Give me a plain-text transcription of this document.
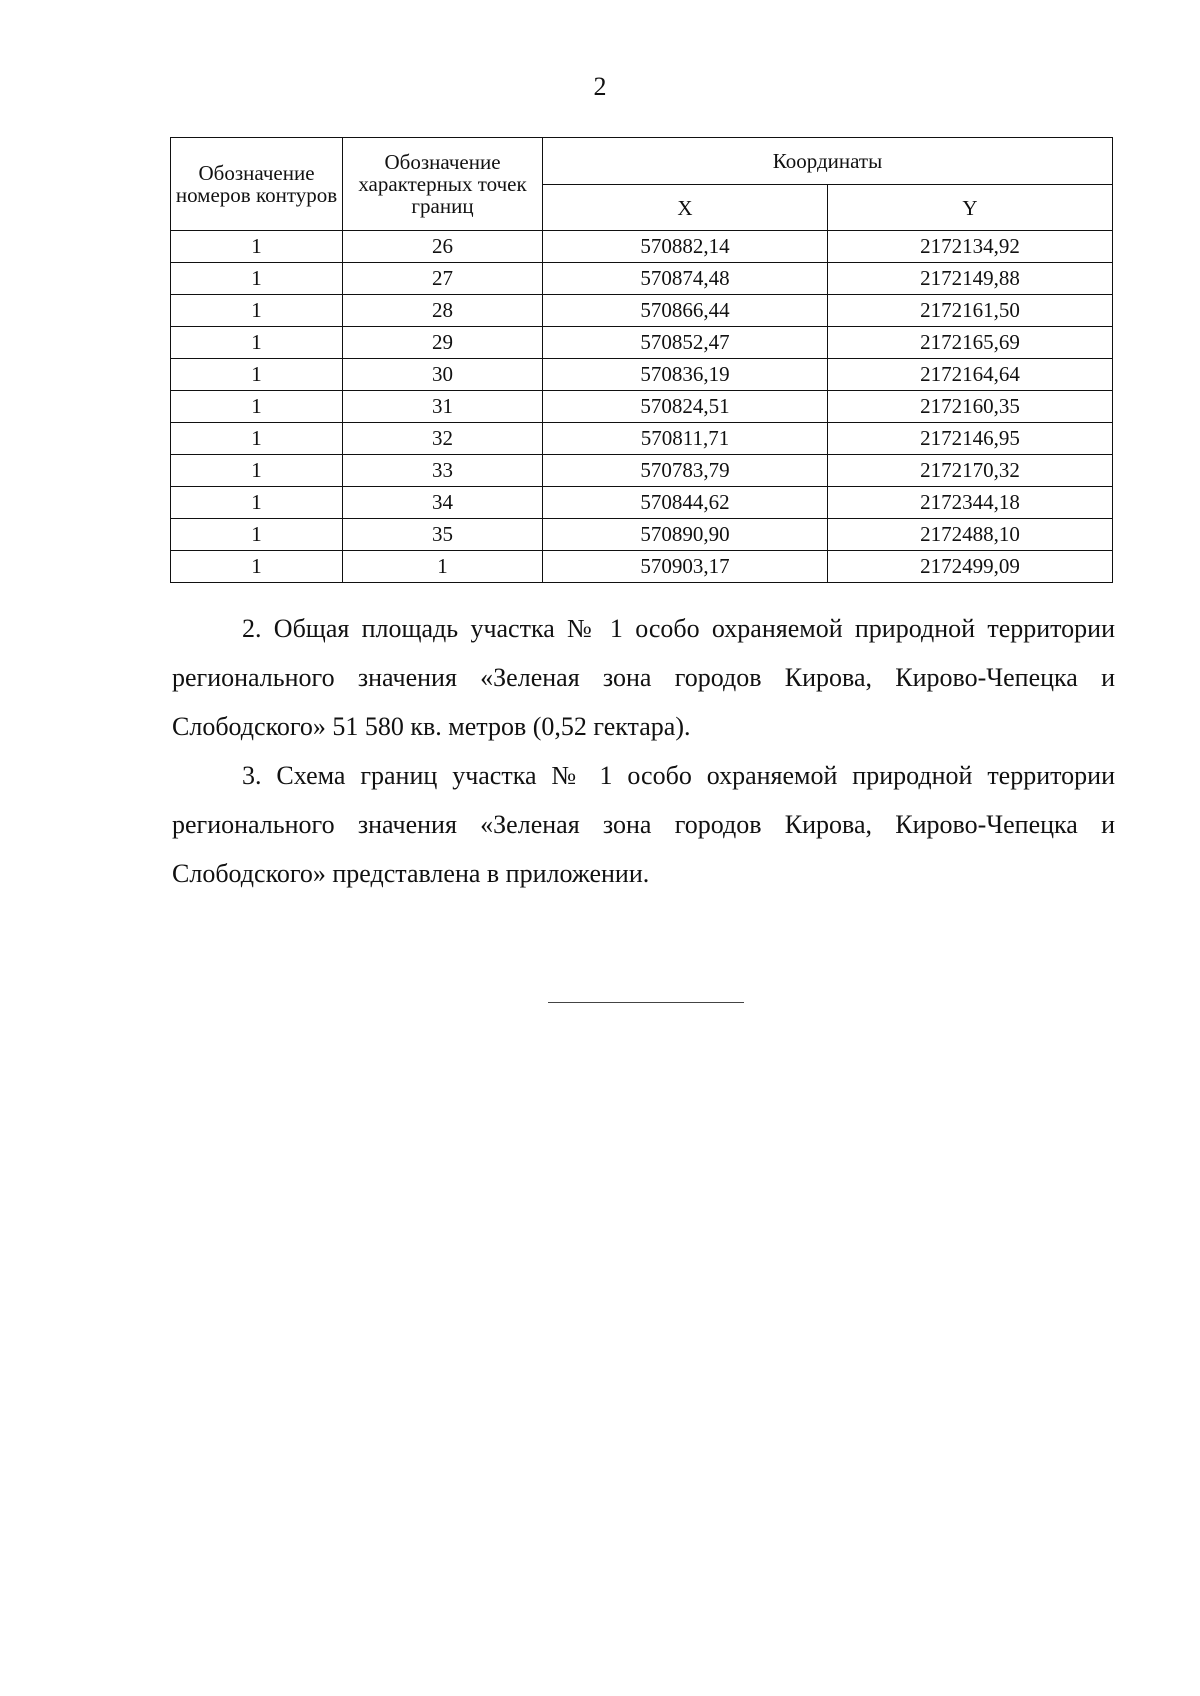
2
Обозначение номеров контуров	Обозначение характерных точек границ	Координаты	
		X	Y
1	26	570882,14	2172134,92
1	27	570874,48	2172149,88
1	28	570866,44	2172161,50
1	29	570852,47	2172165,69
1	30	570836,19	2172164,64
1	31	570824,51	2172160,35
1	32	570811,71	2172146,95
1	33	570783,79	2172170,32
1	34	570844,62	2172344,18
1	35	570890,90	2172488,10
1	1	570903,17	2172499,09

2. Общая площадь участка № 1 особо охраняемой природной территории регионального значения «Зеленая зона городов Кирова, Кирово-Чепецка и Слободского» 51 580 кв. метров (0,52 гектара).

3. Схема границ участка № 1 особо охраняемой природной территории регионального значения «Зеленая зона городов Кирова, Кирово-Чепецка и Слободского» представлена в приложении.
